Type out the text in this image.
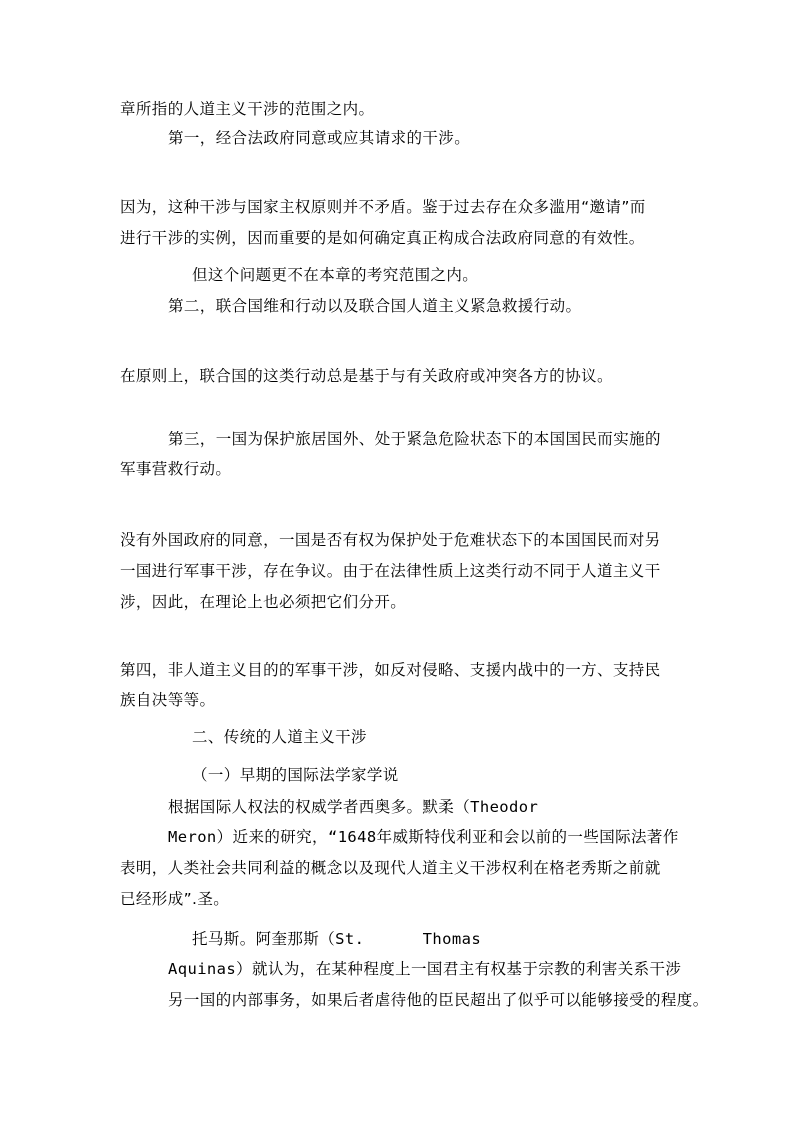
章所指的人道主义干涉的范围之内。
第一，经合法政府同意或应其请求的干涉。
因为，这种干涉与国家主权原则并不矛盾。鉴于过去存在众多滥用“邀请”而
进行干涉的实例，因而重要的是如何确定真正构成合法政府同意的有效性。
但这个问题更不在本章的考究范围之内。
第二，联合国维和行动以及联合国人道主义紧急救援行动。
在原则上，联合国的这类行动总是基于与有关政府或冲突各方的协议。
第三，一国为保护旅居国外、处于紧急危险状态下的本国国民而实施的
军事营救行动。
没有外国政府的同意，一国是否有权为保护处于危难状态下的本国国民而对另
一国进行军事干涉，存在争议。由于在法律性质上这类行动不同于人道主义干
涉，因此，在理论上也必须把它们分开。
第四，非人道主义目的的军事干涉，如反对侵略、支援内战中的一方、支持民
族自决等等。
二、传统的人道主义干涉
（一）早期的国际法学家学说
根据国际人权法的权威学者西奥多。默柔（Theodor
Meron）近来的研究，“1648年威斯特伐利亚和会以前的一些国际法著作
表明，人类社会共同利益的概念以及现代人道主义干涉权利在格老秀斯之前就
已经形成”.圣。
托马斯。阿奎那斯（St.      Thomas
Aquinas）就认为，在某种程度上一国君主有权基于宗教的利害关系干涉
另一国的内部事务，如果后者虐待他的臣民超出了似乎可以能够接受的程度。
